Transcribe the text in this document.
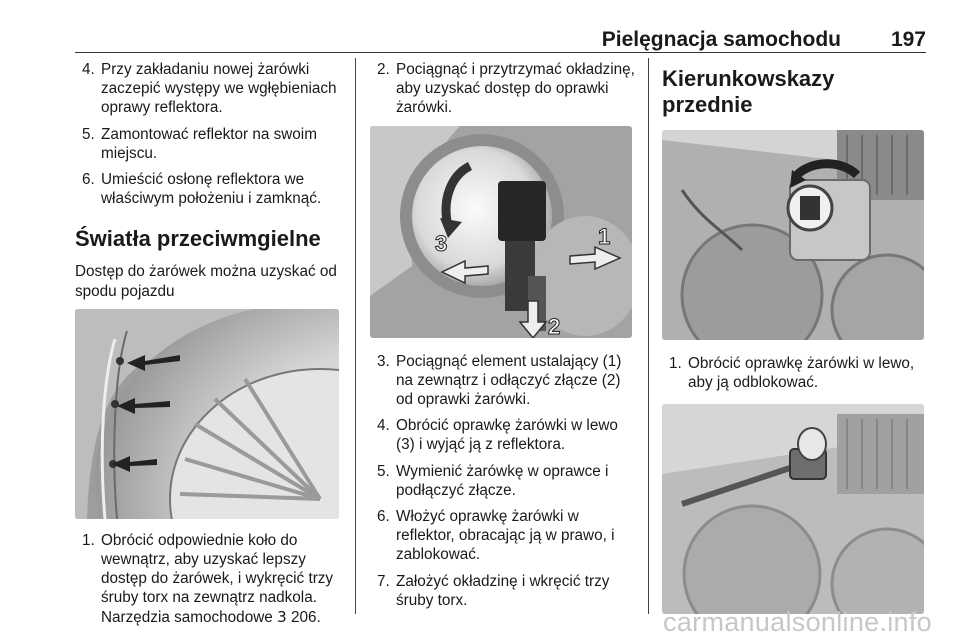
Pielęgnacja samochodu 197
4. Przy zakładaniu nowej żarówki zaczepić występy we wgłębieniach oprawy reflektora.
5. Zamontować reflektor na swoim miejscu.
6. Umieścić osłonę reflektora we właściwym położeniu i zamknąć.
Światła przeciwmgielne
Dostęp do żarówek można uzyskać od spodu pojazdu
1. Obrócić odpowiednie koło do wewnątrz, aby uzyskać lepszy dostęp do żarówek, i wykręcić trzy śruby torx na zewnątrz nadkola. Narzędzia samochodowe 3 206.
2. Pociągnąć i przytrzymać okładzinę, aby uzyskać dostęp do oprawki żarówki.
1
2
3
3. Pociągnąć element ustalający (1) na zewnątrz i odłączyć złącze (2) od oprawki żarówki.
4. Obrócić oprawkę żarówki w lewo (3) i wyjąć ją z reflektora.
5. Wymienić żarówkę w oprawce i podłączyć złącze.
6. Włożyć oprawkę żarówki w reflektor, obracając ją w prawo, i zablokować.
7. Założyć okładzinę i wkręcić trzy śruby torx.
Kierunkowskazy przednie
1. Obrócić oprawkę żarówki w lewo, aby ją odblokować.
carmanualsonline.info
